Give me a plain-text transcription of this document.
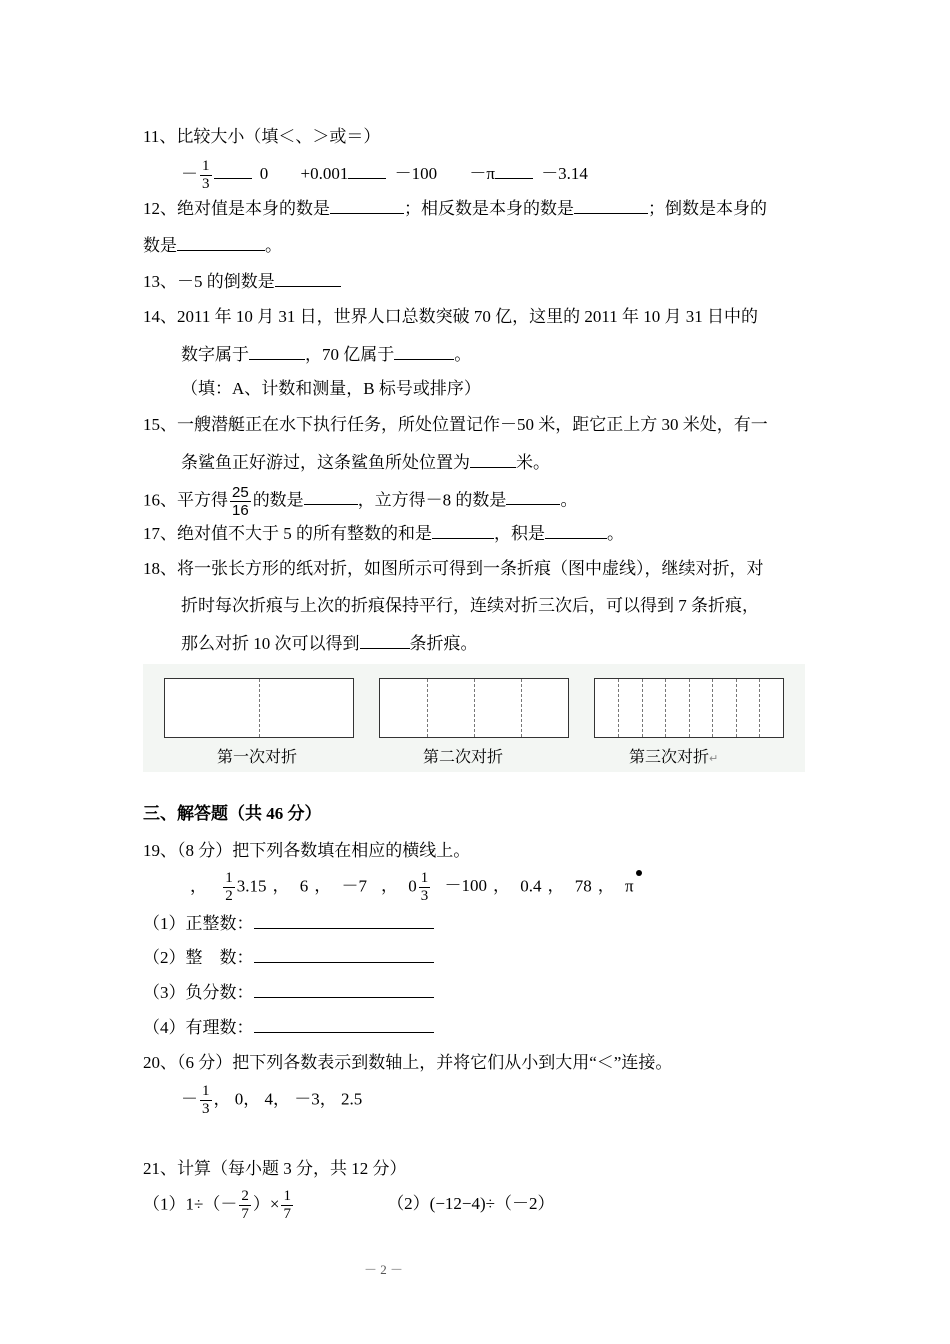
11、比较大小（填＜、＞或＝）
－ $\frac{1}{3}$	0 +0.001	－100 －π	－3.14
12、绝对值是本身的数是	；相反数是本身的数是	；倒数是本身的
数是	。
13、－5 的倒数是
14、2011 年 10 月 31 日，世界人口总数突破 70 亿，这里的 2011 年 10 月 31 日中的
数字属于	，70 亿属于	。
（填：A、计数和测量，B 标号或排序）
15、一艘潜艇正在水下执行任务，所处位置记作－50 米，距它正上方 30 米处，有一
条鲨鱼正好游过，这条鲨鱼所处位置为	米。
16、平方得 $\frac{25}{16}$ 的数是	，立方得－8 的数是	。
17、绝对值不大于 5 的所有整数的和是	，积是	。
18、将一张长方形的纸对折，如图所示可得到一条折痕（图中虚线），继续对折，对
折时每次折痕与上次的折痕保持平行，连续对折三次后，可以得到 7 条折痕，
那么对折 10 次可以得到	条折痕。
第一次对折	第二次对折	第三次对折↵
三、解答题（共 46 分）
19、（8 分）把下列各数填在相应的横线上。
， $\frac{1}{2} 3.15$ ， 6 ， －7 ， $0 \frac{1}{3} -100$ ， 0.4 ， 78 ， π
（1）正整数：
（2）整　数：
（3）负分数：
（4）有理数：
20、（6 分）把下列各数表示到数轴上，并将它们从小到大用“＜”连接。
－ $\frac{1}{3}$ ， 0， 4， －3， 2.5
21、计算（每小题 3 分，共 12 分）
$(1)1\div(- \frac{2}{7}$ ）× $\frac{1}{7}$	（2）(−12−4)÷（－2）
－ 2 －
